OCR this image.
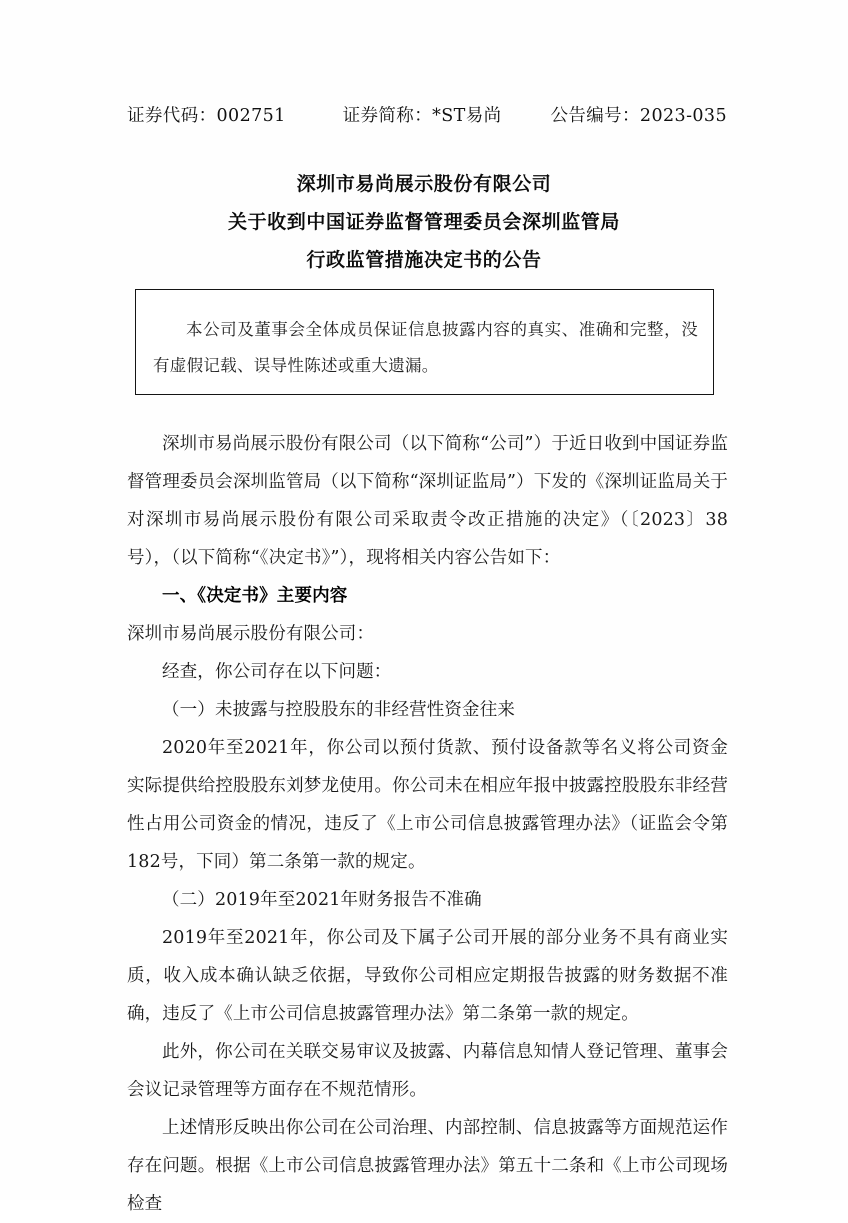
证券代码：002751	证券简称：*ST易尚	公告编号：2023-035
深圳市易尚展示股份有限公司
关于收到中国证券监督管理委员会深圳监管局
行政监管措施决定书的公告
本公司及董事会全体成员保证信息披露内容的真实、准确和完整，没有虚假记载、误导性陈述或重大遗漏。

深圳市易尚展示股份有限公司（以下简称“公司”）于近日收到中国证券监督管理委员会深圳监管局（以下简称“深圳证监局”）下发的《深圳证监局关于对深圳市易尚展示股份有限公司采取责令改正措施的决定》（〔2023〕38号），（以下简称“《决定书》”），现将相关内容公告如下：

一、《决定书》主要内容

深圳市易尚展示股份有限公司：

经查，你公司存在以下问题：

（一）未披露与控股股东的非经营性资金往来

2020年至2021年，你公司以预付货款、预付设备款等名义将公司资金实际提供给控股股东刘梦龙使用。你公司未在相应年报中披露控股股东非经营性占用公司资金的情况，违反了《上市公司信息披露管理办法》（证监会令第182号，下同）第二条第一款的规定。

（二）2019年至2021年财务报告不准确

2019年至2021年，你公司及下属子公司开展的部分业务不具有商业实质，收入成本确认缺乏依据，导致你公司相应定期报告披露的财务数据不准确，违反了《上市公司信息披露管理办法》第二条第一款的规定。

此外，你公司在关联交易审议及披露、内幕信息知情人登记管理、董事会会议记录管理等方面存在不规范情形。

上述情形反映出你公司在公司治理、内部控制、信息披露等方面规范运作存在问题。根据《上市公司信息披露管理办法》第五十二条和《上市公司现场检查
